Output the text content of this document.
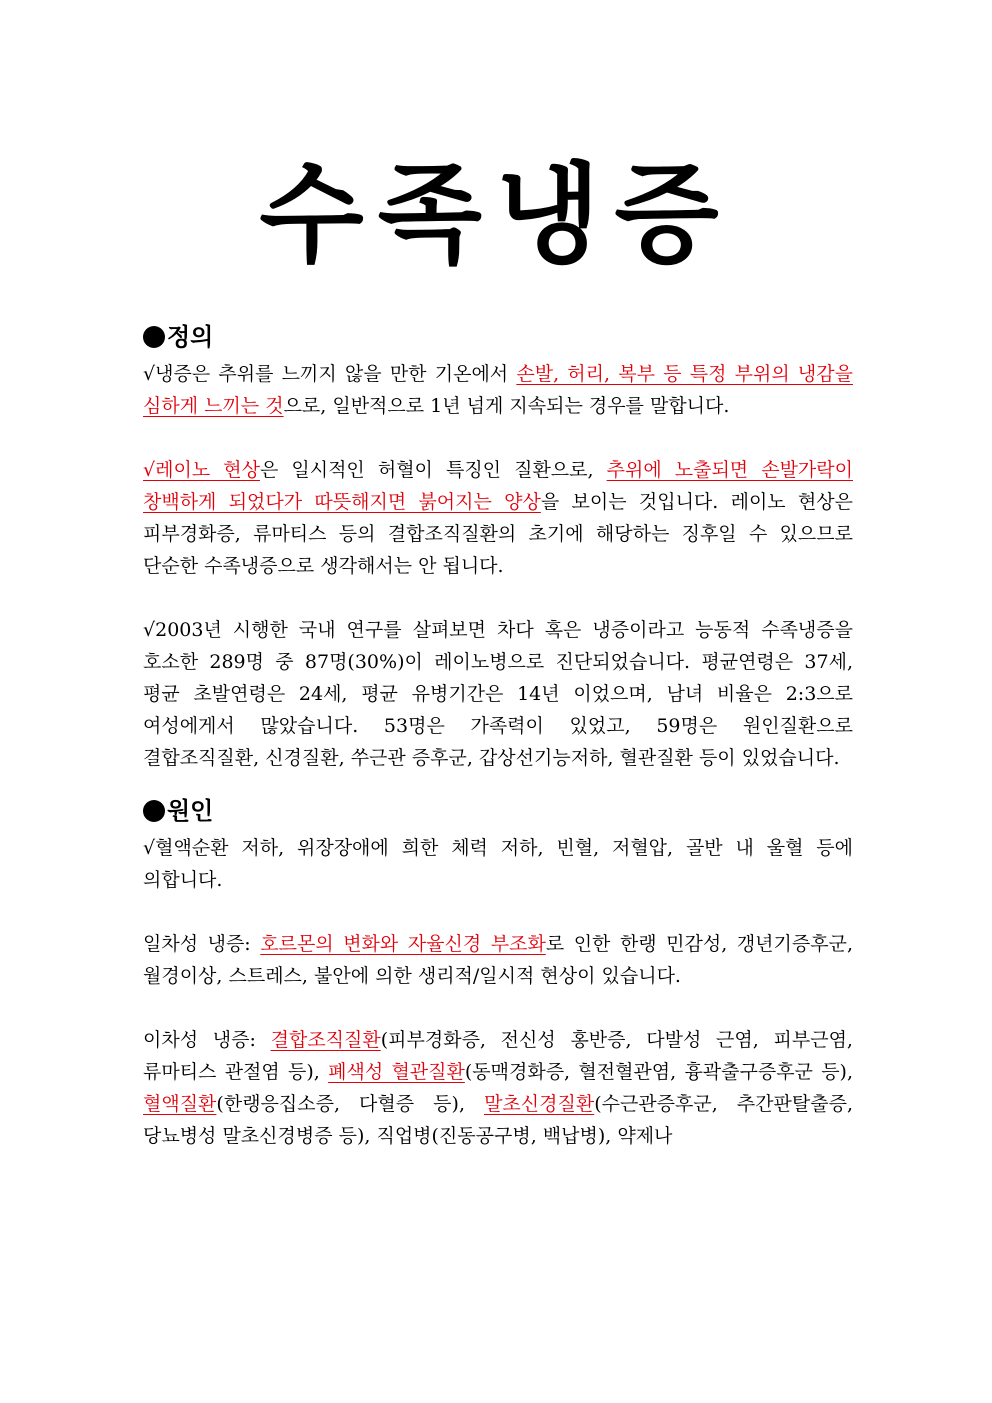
수족냉증
정의

√냉증은 추위를 느끼지 않을 만한 기온에서 손발, 허리, 복부 등 특정 부위의 냉감을 심하게 느끼는 것으로, 일반적으로 1년 넘게 지속되는 경우를 말합니다.

√레이노 현상은 일시적인 허혈이 특징인 질환으로, 추위에 노출되면 손발가락이 창백하게 되었다가 따뜻해지면 붉어지는 양상을 보이는 것입니다. 레이노 현상은 피부경화증, 류마티스 등의 결합조직질환의 초기에 해당하는 징후일 수 있으므로 단순한 수족냉증으로 생각해서는 안 됩니다.

√2003년 시행한 국내 연구를 살펴보면 차다 혹은 냉증이라고 능동적 수족냉증을 호소한 289명 중 87명(30%)이 레이노병으로 진단되었습니다. 평균연령은 37세, 평균 초발연령은 24세, 평균 유병기간은 14년 이었으며, 남녀 비율은 2:3으로 여성에게서 많았습니다. 53명은 가족력이 있었고, 59명은 원인질환으로 결합조직질환, 신경질환, 쑤근관 증후군, 갑상선기능저하, 혈관질환 등이 있었습니다.

원인

√혈액순환 저하, 위장장애에 희한 체력 저하, 빈혈, 저혈압, 골반 내 울혈 등에 의합니다.

일차성 냉증: 호르몬의 변화와 자율신경 부조화로 인한 한랭 민감성, 갱년기증후군, 월경이상, 스트레스, 불안에 의한 생리적/일시적 현상이 있습니다.

이차성 냉증: 결합조직질환(피부경화증, 전신성 홍반증, 다발성 근염, 피부근염, 류마티스 관절염 등), 폐색성 혈관질환(동맥경화증, 혈전혈관염, 흉곽출구증후군 등), 혈액질환(한랭응집소증, 다혈증 등), 말초신경질환(수근관증후군, 추간판탈출증, 당뇨병성 말초신경병증 등), 직업병(진동공구병, 백납병), 약제나
